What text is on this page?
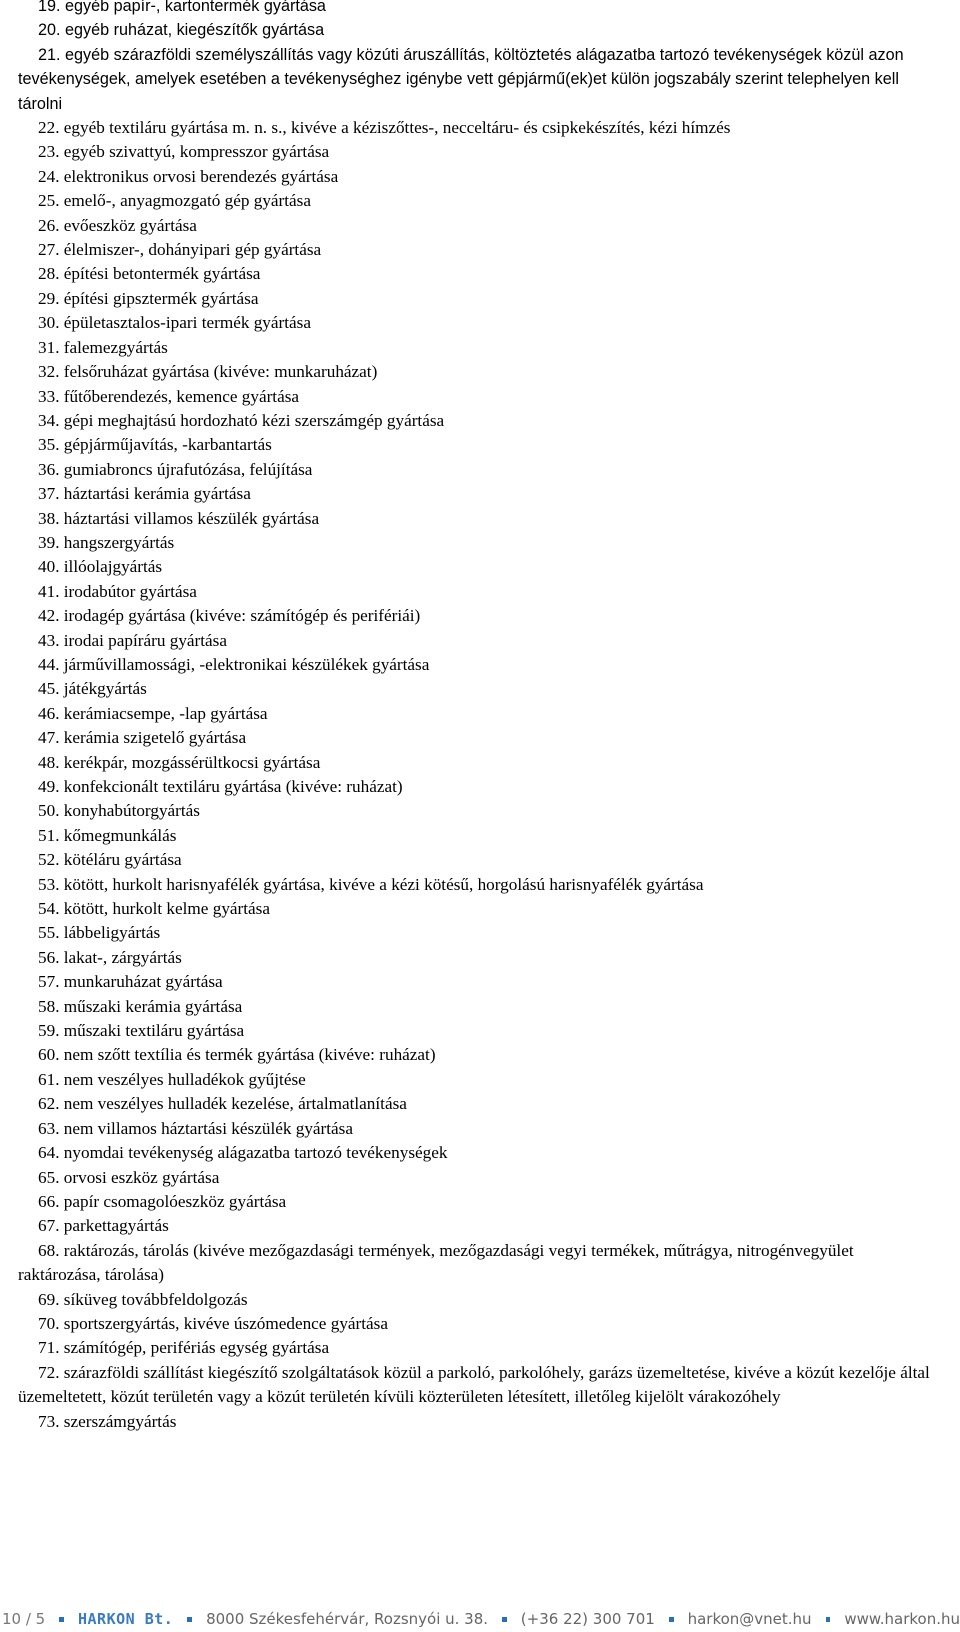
19. egyéb papír-, kartontermék gyártása

20. egyéb ruházat, kiegészítők gyártása

21. egyéb szárazföldi személyszállítás vagy közúti áruszállítás, költöztetés alágazatba tartozó tevékenységek közül azon tevékenységek, amelyek esetében a tevékenységhez igénybe vett gépjármű(ek)et külön jogszabály szerint telephelyen kell tárolni

22. egyéb textiláru gyártása m. n. s., kivéve a kéziszőttes-, necceltáru- és csipkekészítés, kézi hímzés

23. egyéb szivattyú, kompresszor gyártása

24. elektronikus orvosi berendezés gyártása

25. emelő-, anyagmozgató gép gyártása

26. evőeszköz gyártása

27. élelmiszer-, dohányipari gép gyártása

28. építési betontermék gyártása

29. építési gipsztermék gyártása

30. épületasztalos-ipari termék gyártása

31. falemezgyártás

32. felsőruházat gyártása (kivéve: munkaruházat)

33. fűtőberendezés, kemence gyártása

34. gépi meghajtású hordozható kézi szerszámgép gyártása

35. gépjárműjavítás, -karbantartás

36. gumiabroncs újrafutózása, felújítása

37. háztartási kerámia gyártása

38. háztartási villamos készülék gyártása

39. hangszergyártás

40. illóolajgyártás

41. irodabútor gyártása

42. irodagép gyártása (kivéve: számítógép és perifériái)

43. irodai papíráru gyártása

44. járművillamossági, -elektronikai készülékek gyártása

45. játékgyártás

46. kerámiacsempe, -lap gyártása

47. kerámia szigetelő gyártása

48. kerékpár, mozgássérültkocsi gyártása

49. konfekcionált textiláru gyártása (kivéve: ruházat)

50. konyhabútorgyártás

51. kőmegmunkálás

52. kötéláru gyártása

53. kötött, hurkolt harisnyafélék gyártása, kivéve a kézi kötésű, horgolású harisnyafélék gyártása

54. kötött, hurkolt kelme gyártása

55. lábbeligyártás

56. lakat-, zárgyártás

57. munkaruházat gyártása

58. műszaki kerámia gyártása

59. műszaki textiláru gyártása

60. nem szőtt textília és termék gyártása (kivéve: ruházat)

61. nem veszélyes hulladékok gyűjtése

62. nem veszélyes hulladék kezelése, ártalmatlanítása

63. nem villamos háztartási készülék gyártása

64. nyomdai tevékenység alágazatba tartozó tevékenységek

65. orvosi eszköz gyártása

66. papír csomagolóeszköz gyártása

67. parkettagyártás

68. raktározás, tárolás (kivéve mezőgazdasági termények, mezőgazdasági vegyi termékek, műtrágya, nitrogénvegyület raktározása, tárolása)

69. síküveg továbbfeldolgozás

70. sportszergyártás, kivéve úszómedence gyártása

71. számítógép, perifériás egység gyártása

72. szárazföldi szállítást kiegészítő szolgáltatások közül a parkoló, parkolóhely, garázs üzemeltetése, kivéve a közút kezelője által üzemeltetett, közút területén vagy a közút területén kívüli közterületen létesített, illetőleg kijelölt várakozóhely

73. szerszámgyártás

10 / 5 HARKON Bt. 8000 Székesfehérvár, Rozsnyói u. 38. (+36 22) 300 701 harkon@vnet.hu www.harkon.hu
